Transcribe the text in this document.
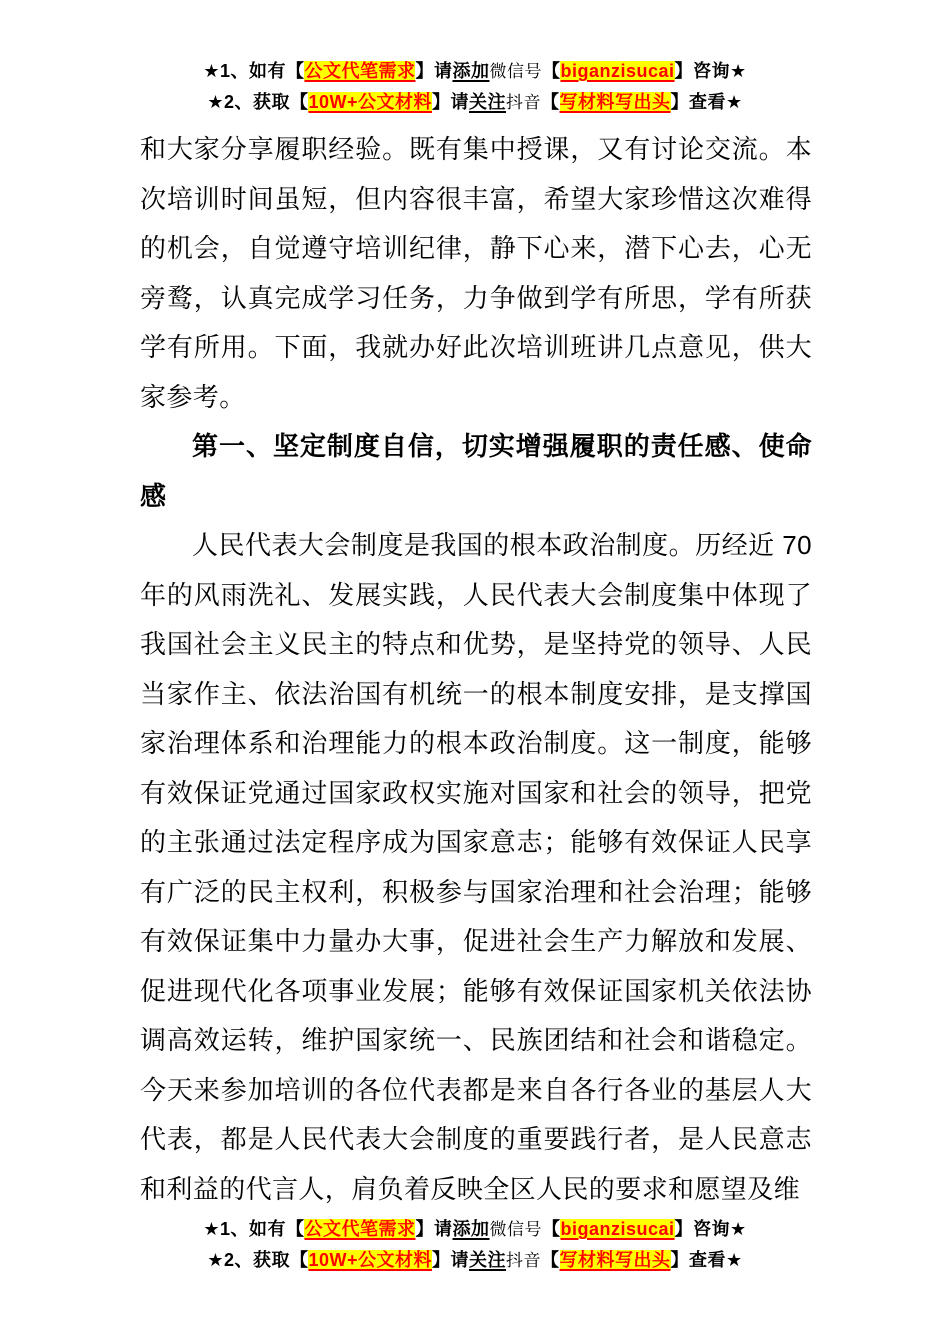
★1、如有【公文代笔需求】请添加微信号【biganzisucai】咨询★
★2、获取【10W+公文材料】请关注抖音【写材料写出头】查看★

和大家分享履职经验。既有集中授课，又有讨论交流。本次培训时间虽短，但内容很丰富，希望大家珍惜这次难得的机会，自觉遵守培训纪律，静下心来，潜下心去，心无旁鹜，认真完成学习任务，力争做到学有所思，学有所获学有所用。下面，我就办好此次培训班讲几点意见，供大家参考。

第一、坚定制度自信，切实增强履职的责任感、使命感

人民代表大会制度是我国的根本政治制度。历经近 70年的风雨洗礼、发展实践，人民代表大会制度集中体现了我国社会主义民主的特点和优势，是坚持党的领导、人民当家作主、依法治国有机统一的根本制度安排，是支撑国家治理体系和治理能力的根本政治制度。这一制度，能够有效保证党通过国家政权实施对国家和社会的领导，把党的主张通过法定程序成为国家意志；能够有效保证人民享有广泛的民主权利，积极参与国家治理和社会治理；能够有效保证集中力量办大事，促进社会生产力解放和发展、促进现代化各项事业发展；能够有效保证国家机关依法协调高效运转，维护国家统一、民族团结和社会和谐稳定。今天来参加培训的各位代表都是来自各行各业的基层人大代表，都是人民代表大会制度的重要践行者，是人民意志和利益的代言人，肩负着反映全区人民的要求和愿望及维

★1、如有【公文代笔需求】请添加微信号【biganzisucai】咨询★
★2、获取【10W+公文材料】请关注抖音【写材料写出头】查看★
